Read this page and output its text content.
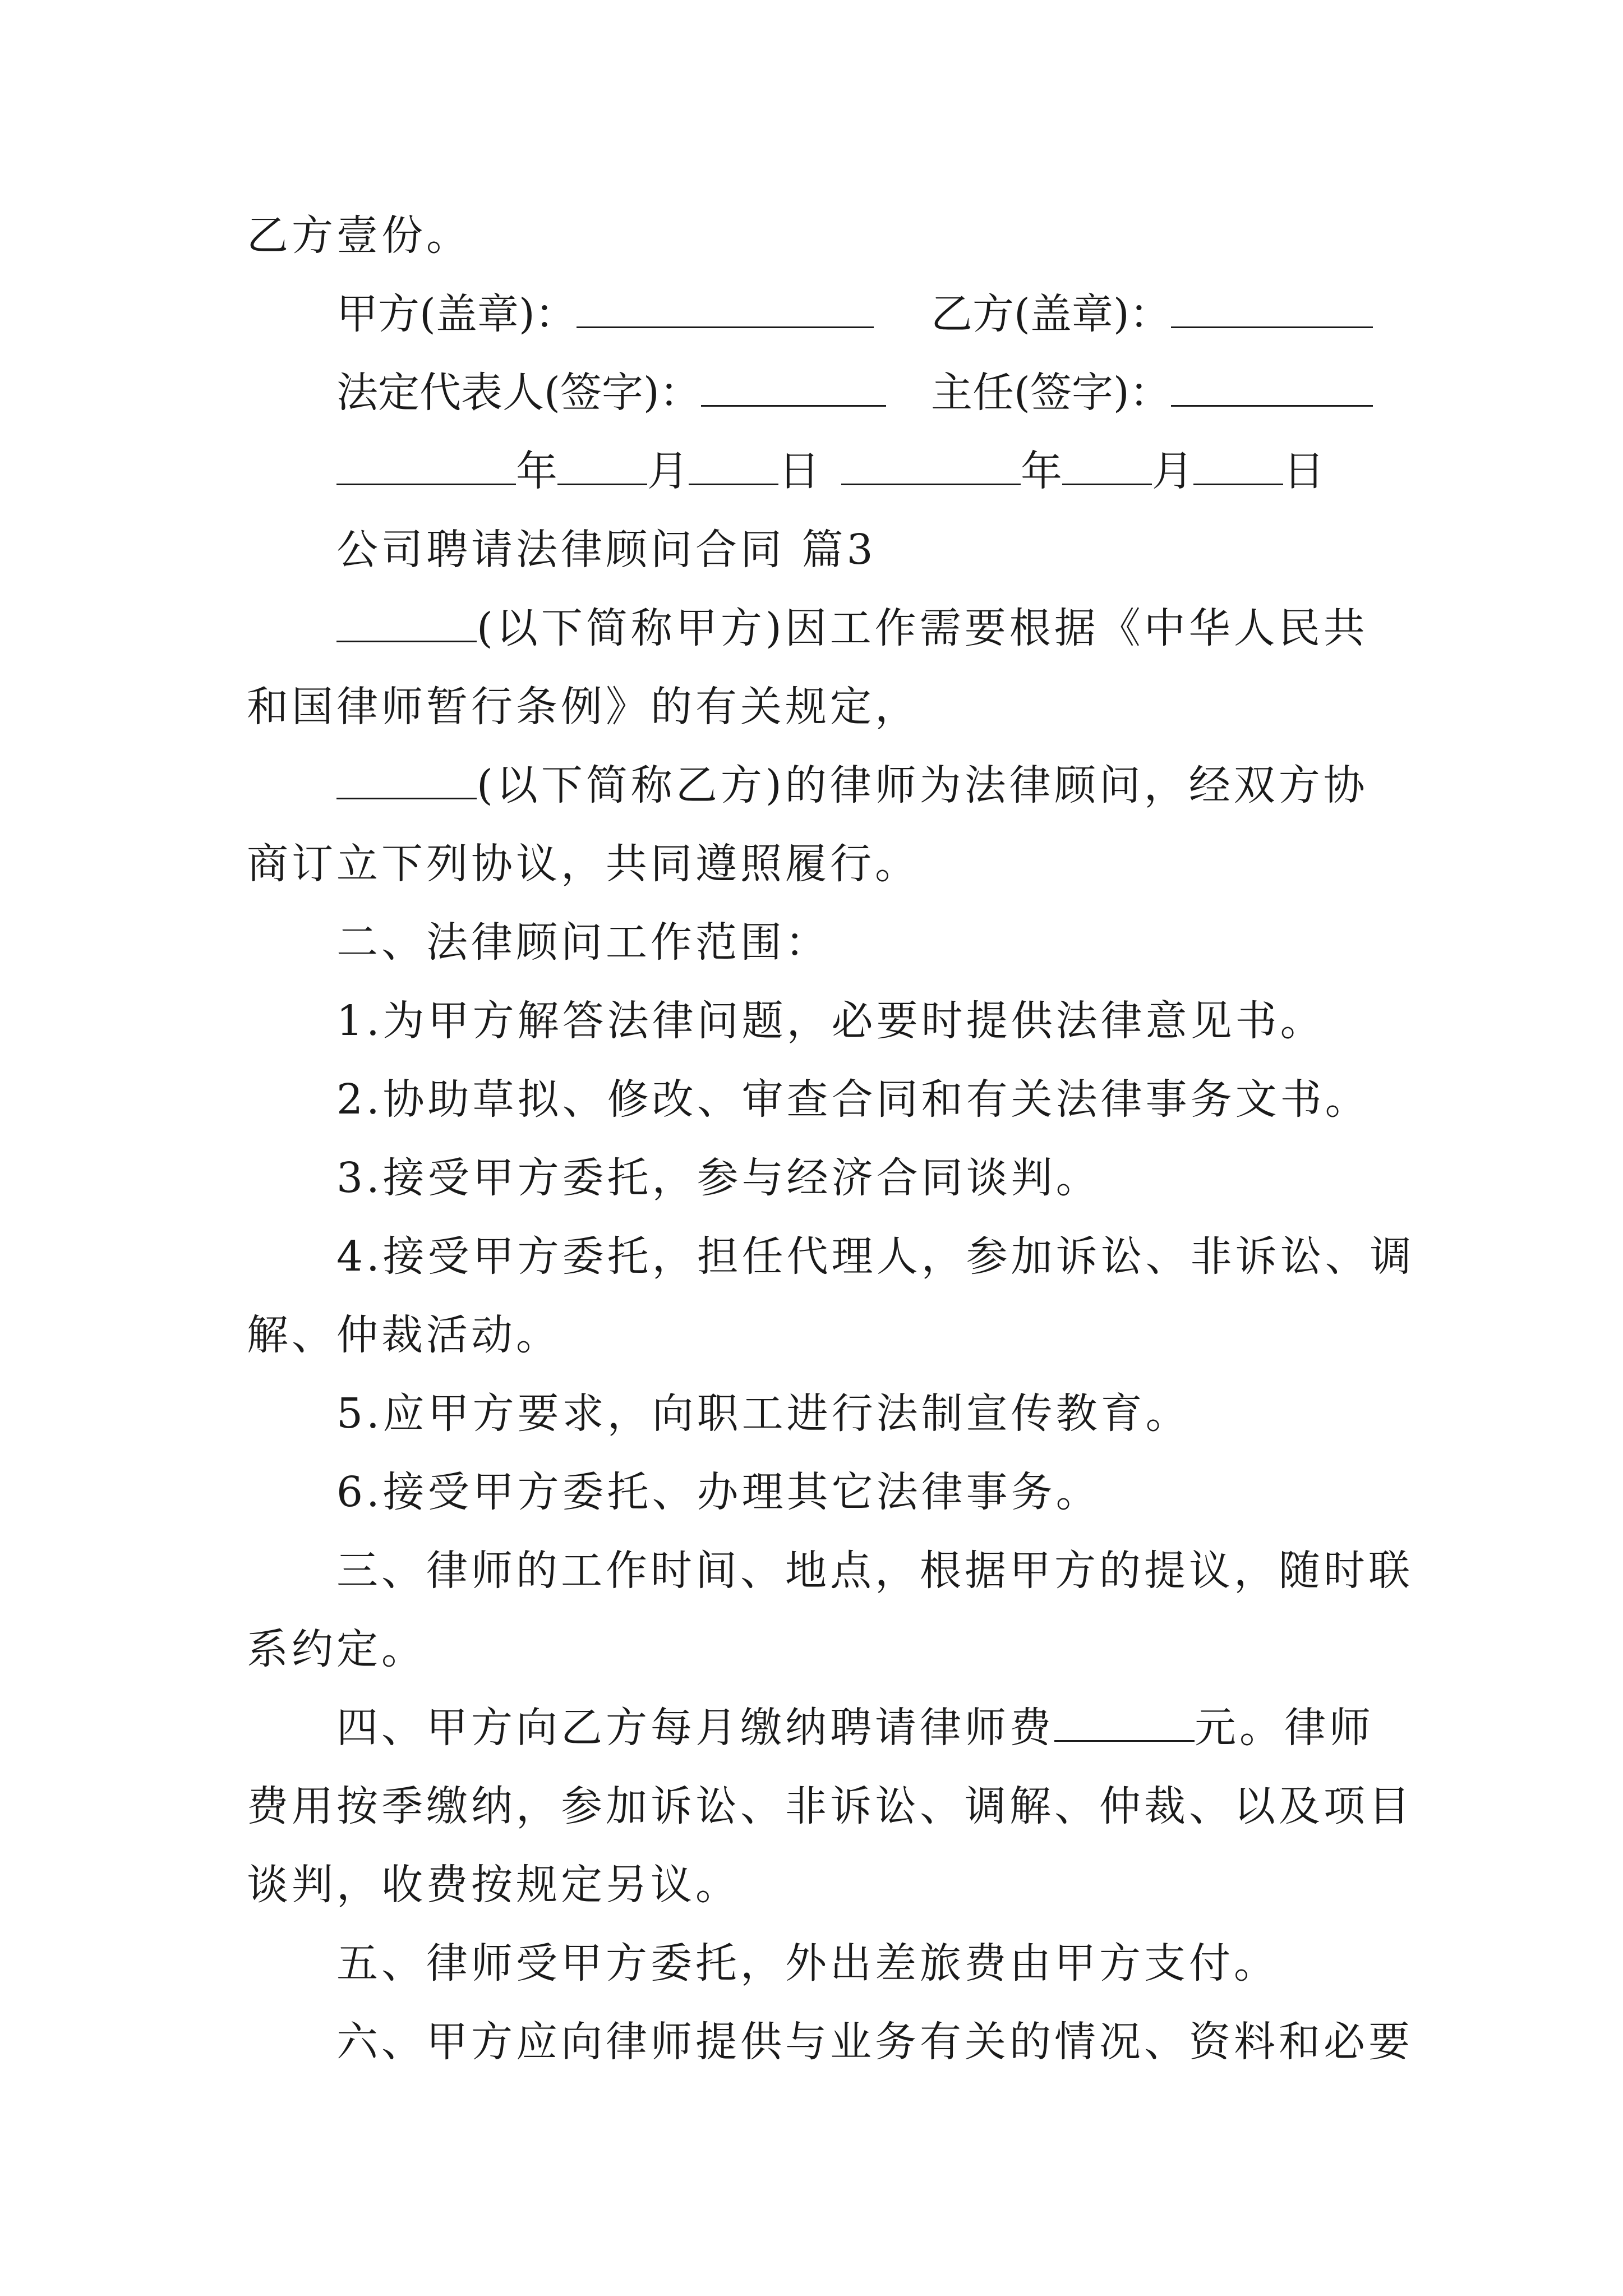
乙方壹份。
甲方(盖章)：	乙方(盖章)：
法定代表人(签字)：	主任(签字)：
年 月 日	年 月 日
公司聘请法律顾问合同 篇3
(以下简称甲方)因工作需要根据《中华人民共
和国律师暂行条例》的有关规定，
(以下简称乙方)的律师为法律顾问，经双方协
商订立下列协议，共同遵照履行。
二、法律顾问工作范围：
1.为甲方解答法律问题，必要时提供法律意见书。
2.协助草拟、修改、审查合同和有关法律事务文书。
3.接受甲方委托，参与经济合同谈判。
4.接受甲方委托，担任代理人，参加诉讼、非诉讼、调
解、仲裁活动。
5.应甲方要求，向职工进行法制宣传教育。
6.接受甲方委托、办理其它法律事务。
三、律师的工作时间、地点，根据甲方的提议，随时联
系约定。
四、甲方向乙方每月缴纳聘请律师费	元。律师
费用按季缴纳，参加诉讼、非诉讼、调解、仲裁、以及项目
谈判，收费按规定另议。
五、律师受甲方委托，外出差旅费由甲方支付。
六、甲方应向律师提供与业务有关的情况、资料和必要
